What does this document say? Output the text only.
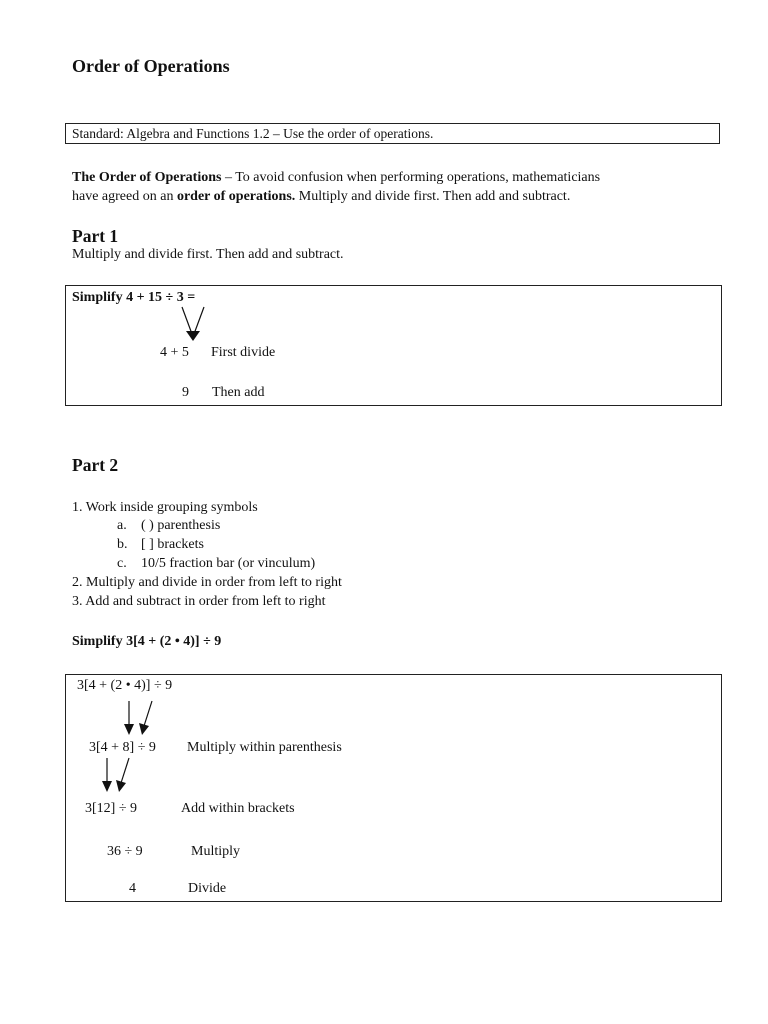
Order of Operations
Standard: Algebra and Functions 1.2 – Use the order of operations.
The Order of Operations – To avoid confusion when performing operations, mathematicians
have agreed on an order of operations. Multiply and divide first. Then add and subtract.
Part 1
Multiply and divide first. Then add and subtract.
Simplify 4 + 15 ÷ 3 =
4 + 5 First divide
9 Then add
Part 2
1. Work inside grouping symbols
a. ( ) parenthesis
b. [ ] brackets
c. 10/5 fraction bar (or vinculum)
2. Multiply and divide in order from left to right
3. Add and subtract in order from left to right
Simplify 3[4 + (2 • 4)] ÷ 9
3[4 + (2 • 4)] ÷ 9
3[4 + 8] ÷ 9 Multiply within parenthesis
3[12] ÷ 9	Add within brackets
36 ÷ 9	Multiply
4	Divide
